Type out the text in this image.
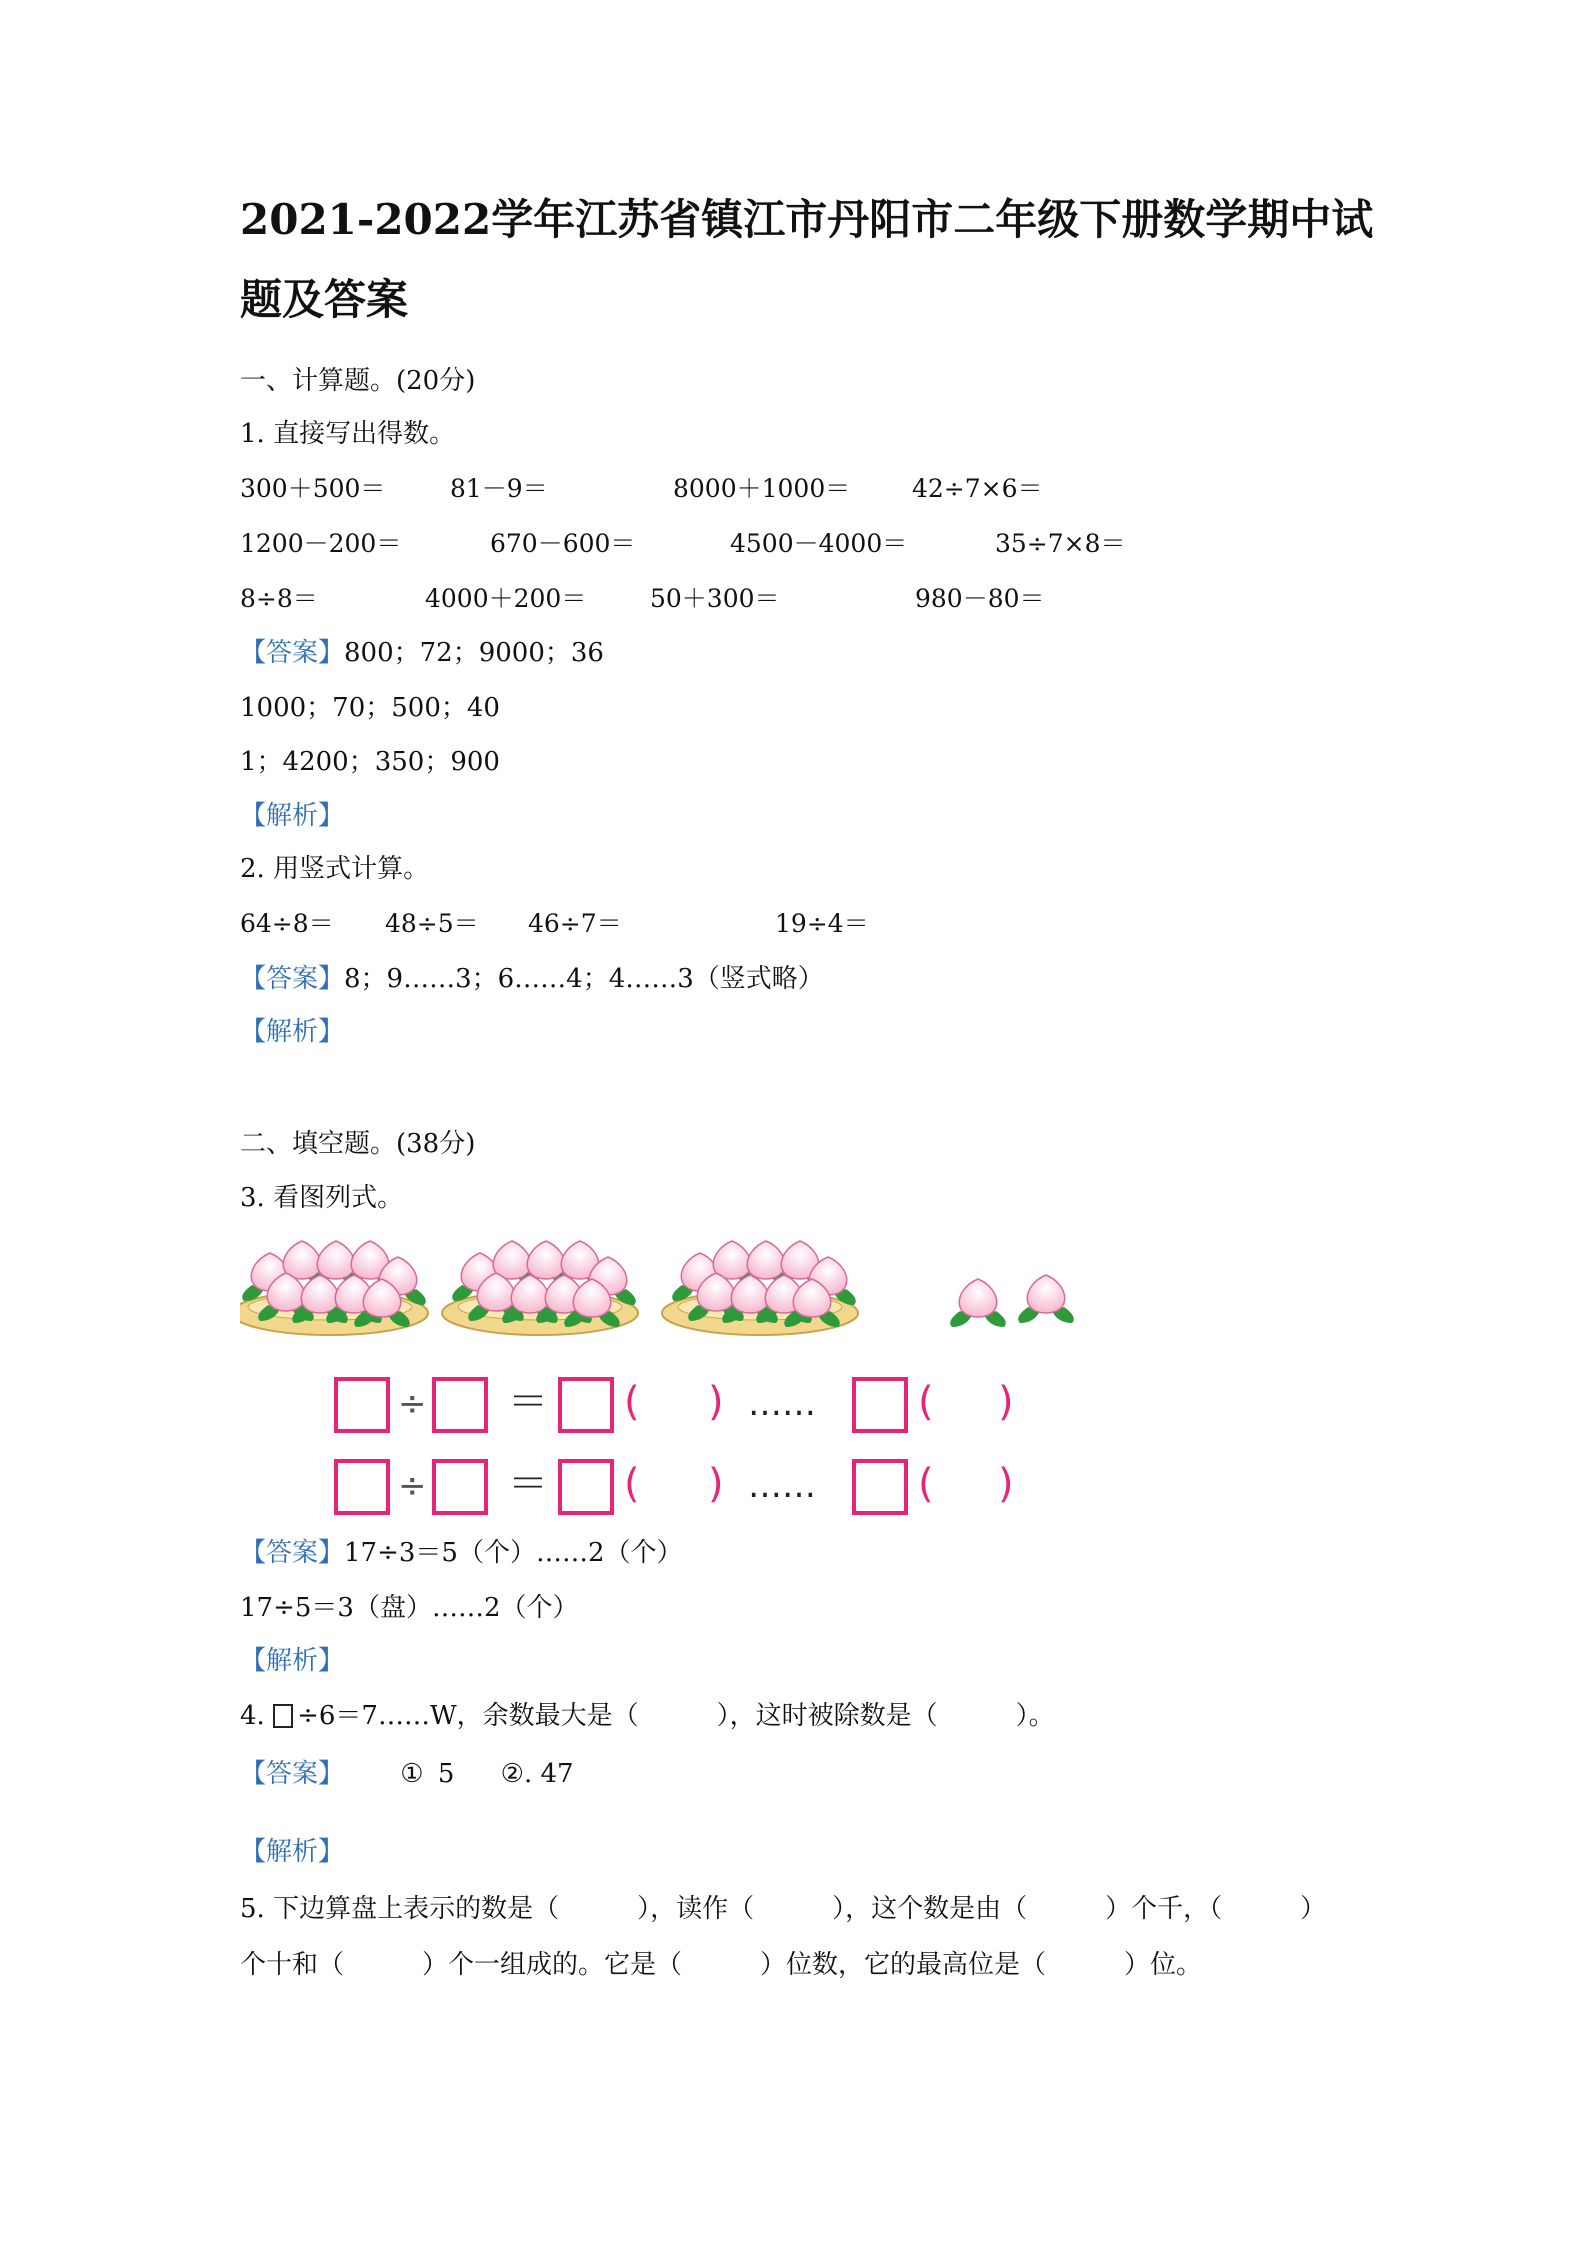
2021-2022学年江苏省镇江市丹阳市二年级下册数学期中试
题及答案
一、计算题。(20分)
1. 直接写出得数。
300＋500＝	81－9＝	8000＋1000＝ 42÷7×6＝
1200－200＝	670－600＝	4500－4000＝	35÷7×8＝
8÷8＝	4000＋200＝	50＋300＝	980－80＝
【答案】800；72；9000；36
1000；70；500；40
1；4200；350；900
【解析】
2. 用竖式计算。
64÷8＝ 48÷5＝ 46÷7＝	19÷4＝
【答案】8；9……3；6……4；4……3（竖式略）
【解析】
二、填空题。(38分)
3. 看图列式。
÷ ＝ ( ) ……	( )
÷ ＝ ( ) ……	( )
【答案】17÷3＝5（个）……2（个）
17÷5＝3（盘）……2（个）
【解析】
4. ÷6＝7……W，余数最大是（　　　），这时被除数是（　　　）。
【答案】 ① 5 ②. 47
【解析】
5. 下边算盘上表示的数是（　　　），读作（　　　），这个数是由（　　　）个千，（　　　）
个十和（　　　）个一组成的。它是（　　　）位数，它的最高位是（　　　）位。
